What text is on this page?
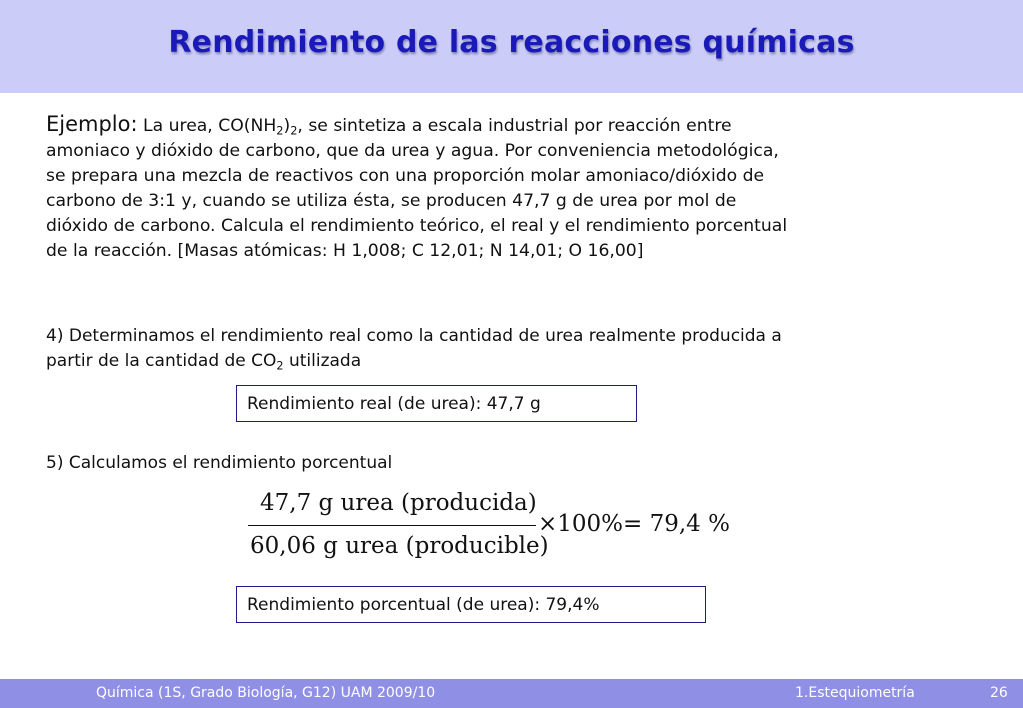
Rendimiento de las reacciones químicas

Ejemplo: La urea, $CO(NH_2)_2$, se sintetiza a escala industrial por reacción entre

amoniaco y dióxido de carbono, que da urea y agua. Por conveniencia metodológica,

se prepara una mezcla de reactivos con una proporción molar amoniaco/dióxido de

carbono de 3:1 y, cuando se utiliza ésta, se producen 47,7 g de urea por mol de

dióxido de carbono. Calcula el rendimiento teórico, el real y el rendimiento porcentual

de la reacción. [Masas atómicas: H 1,008; C 12,01; N 14,01; O 16,00]

4) Determinamos el rendimiento real como la cantidad de urea realmente producida a

partir de la cantidad de $CO_2$ utilizada

Rendimiento real (de urea): 47,7 g

5) Calculamos el rendimiento porcentual

47,7 g urea (producida)
60,06 g urea (producible)
×100%= 79,4 %
Rendimiento porcentual (de urea): 79,4%
Química (1S, Grado Biología, G12) UAM 2009/10	1.Estequiometría	26
